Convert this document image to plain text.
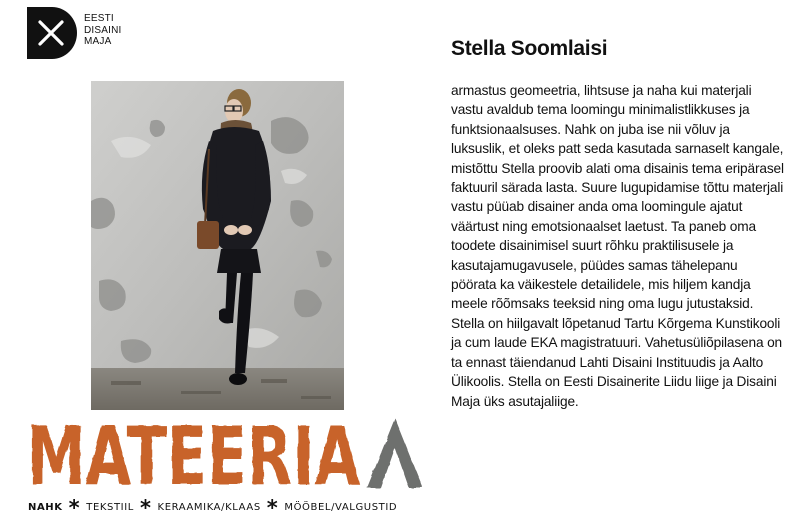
EESTI
DISAINI
MAJA
MATEERIA
NAHK * TEKSTIIL * KERAAMIKA/KLAAS * MÖÖBEL/VALGUSTID
Stella Soomlaisi

armastus geomeetria, lihtsuse ja naha kui materjali vastu avaldub tema loomingu minimalistlikkuses ja funktsionaalsuses. Nahk on juba ise nii võluv ja luksuslik, et oleks patt seda kasutada sarnaselt kangale, mistõttu Stella proovib alati oma disainis tema eripärasel faktuuril särada lasta. Suure lugupidamise tõttu materjali vastu püüab disainer anda oma loomingule ajatut väärtust ning emotsionaalset laetust. Ta paneb oma toodete disainimisel suurt rõhku praktilisusele ja kasutajamugavusele, püüdes samas tähelepanu pöörata ka väikestele detailidele, mis hiljem kandja meele rõõmsaks teeksid ning oma lugu jutustaksid. Stella on hiilgavalt lõpetanud Tartu Kõrgema Kunstikooli ja cum laude EKA magistratuuri. Vahetusüliõpilasena on ta ennast täiendanud Lahti Disaini Instituudis ja Aalto Ülikoolis. Stella on Eesti Disainerite Liidu liige ja Disaini Maja üks asutajaliige.
